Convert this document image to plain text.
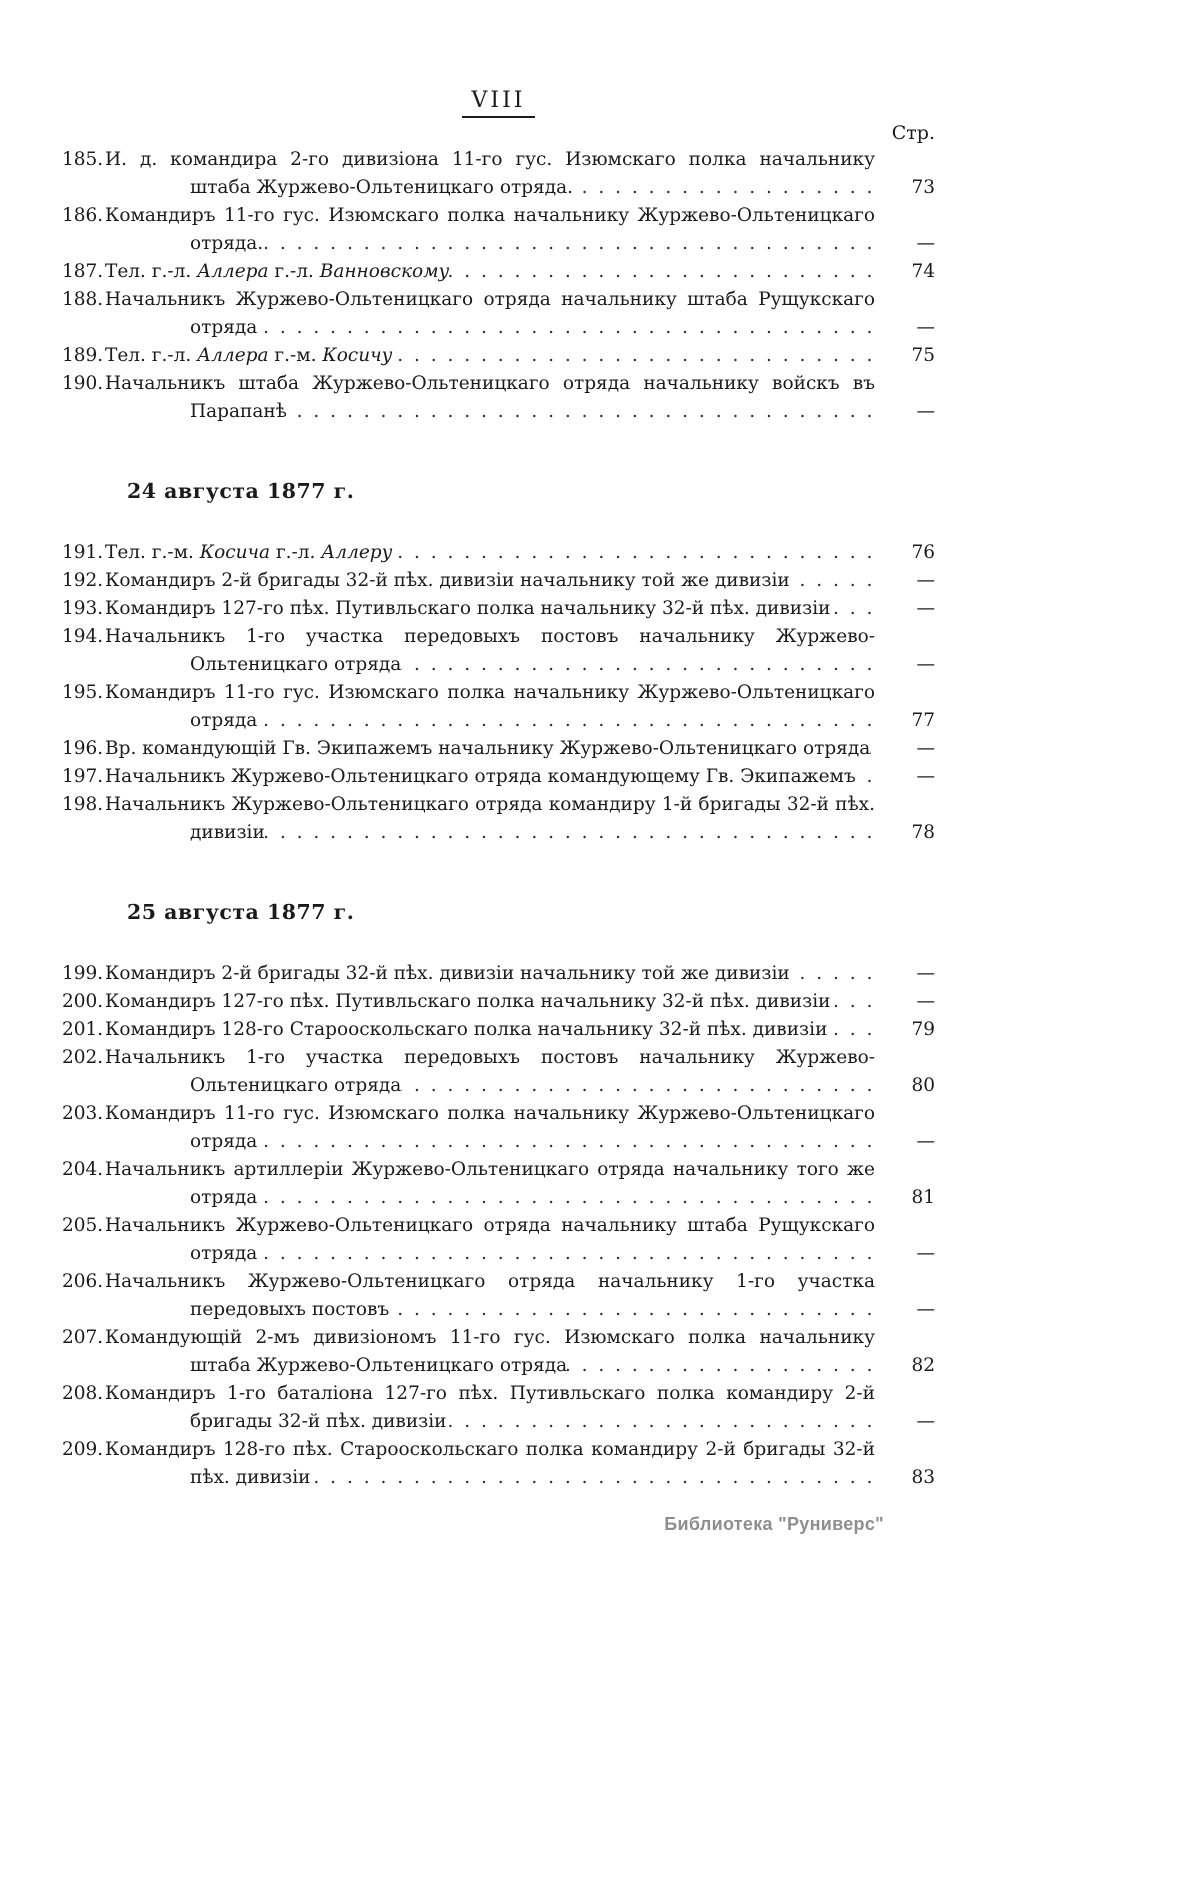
VIII
Стр.
. . .
185.И. д. командира 2-го дивизіона 11-го гус. Изюмскаго полка начальнику штаба Журжево-Ольтеницкаго отряда.	73
. . .
186.Командиръ 11-го гус. Изюмскаго полка начальнику Журжево-Ольтеницкаго отряда.	—
. . .
187.Тел. г.-л. Аллера г.-л. Ванновскому	74
. . .
188.Начальникъ Журжево-Ольтеницкаго отряда начальнику штаба Рущукскаго отряда	—
. . .
189.Тел. г.-л. Аллера г.-м. Косичу	75
. . .
190.Начальникъ штаба Журжево-Ольтеницкаго отряда начальнику войскъ въ Парапанѣ	—
24 августа 1877 г.
. . .
191.Тел. г.-м. Косича г.-л. Аллеру	76
. . .
192.Командиръ 2-й бригады 32-й пѣх. дивизіи начальнику той же дивизіи	—
. . .
193.Командиръ 127-го пѣх. Путивльскаго полка начальнику 32-й пѣх. дивизіи	—
. . .
194.Начальникъ 1-го участка передовыхъ постовъ начальнику Журжево-Ольтеницкаго отряда	—
. . .
195.Командиръ 11-го гус. Изюмскаго полка начальнику Журжево-Ольтеницкаго отряда	77
. . .
196.Вр. командующій Гв. Экипажемъ начальнику Журжево-Ольтеницкаго отряда	—
. . .
197.Начальникъ Журжево-Ольтеницкаго отряда командующему Гв. Экипажемъ	—
. . .
198.Начальникъ Журжево-Ольтеницкаго отряда командиру 1-й бригады 32-й пѣх. дивизіи	78
25 августа 1877 г.
. . .
199.Командиръ 2-й бригады 32-й пѣх. дивизіи начальнику той же дивизіи	—
. . .
200.Командиръ 127-го пѣх. Путивльскаго полка начальнику 32-й пѣх. дивизіи	—
. . .
201.Командиръ 128-го Старооскольскаго полка начальнику 32-й пѣх. дивизіи	79
. . .
202.Начальникъ 1-го участка передовыхъ постовъ начальнику Журжево-Ольтеницкаго отряда	80
. . .
203.Командиръ 11-го гус. Изюмскаго полка начальнику Журжево-Ольтеницкаго отряда	—
. . .
204.Начальникъ артиллеріи Журжево-Ольтеницкаго отряда начальнику того же отряда	81
. . .
205.Начальникъ Журжево-Ольтеницкаго отряда начальнику штаба Рущукскаго отряда	—
. . .
206.Начальникъ Журжево-Ольтеницкаго отряда начальнику 1-го участка передовыхъ постовъ	—
. . .
207.Командующій 2-мъ дивизіономъ 11-го гус. Изюмскаго полка начальнику штаба Журжево-Ольтеницкаго отряда	82
. . .
208.Командиръ 1-го баталіона 127-го пѣх. Путивльскаго полка командиру 2-й бригады 32-й пѣх. дивизіи	—
. . .
209.Командиръ 128-го пѣх. Старооскольскаго полка командиру 2-й бригады 32-й пѣх. дивизіи	83
Библиотека "Руниверс"
